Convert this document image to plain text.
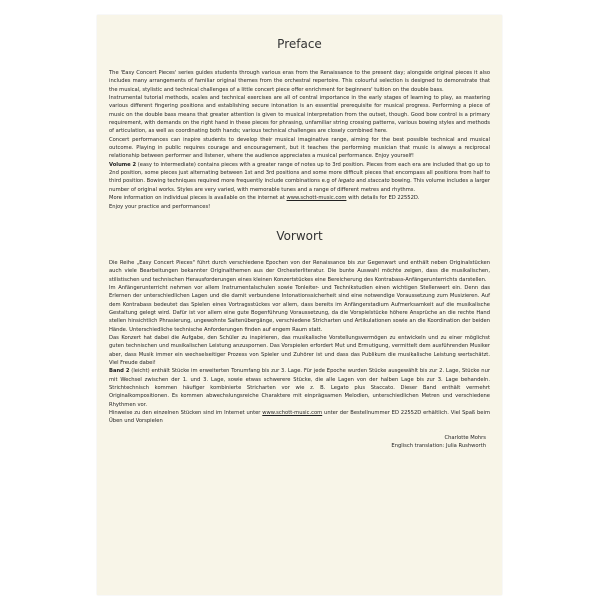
Preface

The 'Easy Concert Pieces' series guides students through various eras from the Renaissance to the present day; alongside original pieces it also includes many arrangements of familiar original themes from the orchestral repertoire. This colourful selection is designed to demonstrate that the musical, stylistic and technical challenges of a little concert piece offer enrichment for beginners' tuition on the double bass.

Instrumental tutorial methods, scales and technical exercises are all of central importance in the early stages of learning to play, as mastering various different fingering positions and establishing secure intonation is an essential prerequisite for musical progress. Performing a piece of music on the double bass means that greater attention is given to musical interpretation from the outset, though. Good bow control is a primary requirement, with demands on the right hand in these pieces for phrasing, unfamiliar string crossing patterns, various bowing styles and methods of articulation, as well as coordinating both hands; various technical challenges are closely combined here.

Concert performances can inspire students to develop their musical imaginative range, aiming for the best possible technical and musical outcome. Playing in public requires courage and encouragement, but it teaches the performing musician that music is always a reciprocal relationship between performer and listener, where the audience appreciates a musical performance. Enjoy yourself!

Volume 2 (easy to intermediate) contains pieces with a greater range of notes up to 3rd position. Pieces from each era are included that go up to 2nd position, some pieces just alternating between 1st and 3rd positions and some more difficult pieces that encompass all positions from half to third position. Bowing techniques required more frequently include combinations e.g of legato and staccato bowing. This volume includes a larger number of original works. Styles are very varied, with memorable tunes and a range of different metres and rhythms.

More information on individual pieces is available on the internet at www.schott-music.com with details for ED 22552D.

Enjoy your practice and performances!

Vorwort

Die Reihe „Easy Concert Pieces" führt durch verschiedene Epochen von der Renaissance bis zur Gegenwart und enthält neben Originalstücken auch viele Bearbeitungen bekannter Originalthemen aus der Orchesterliteratur. Die bunte Auswahl möchte zeigen, dass die musikalischen, stilistischen und technischen Herausforderungen eines kleinen Konzertstückes eine Bereicherung des Kontrabass-Anfängerunterrichts darstellen.

Im Anfängerunterricht nehmen vor allem Instrumentalschulen sowie Tonleiter- und Technikstudien einen wichtigen Stellenwert ein. Denn das Erlernen der unterschiedlichen Lagen und die damit verbundene Intonationssicherheit sind eine notwendige Voraussetzung zum Musizieren. Auf dem Kontrabass bedeutet das Spielen eines Vortragsstückes vor allem, dass bereits im Anfängerstadium Aufmerksamkeit auf die musikalische Gestaltung gelegt wird. Dafür ist vor allem eine gute Bogenführung Voraussetzung, da die Vorspielstücke höhere Ansprüche an die rechte Hand stellen hinsichtlich Phrasierung, ungewohnte Saitenübergänge, verschiedene Stricharten und Artikulationen sowie an die Koordination der beiden Hände. Unterschiedliche technische Anforderungen finden auf engem Raum statt.

Das Konzert hat dabei die Aufgabe, den Schüler zu inspirieren, das musikalische Vorstellungsvermögen zu entwickeln und zu einer möglichst guten technischen und musikalischen Leistung anzuspornen. Das Vorspielen erfordert Mut und Ermutigung, vermittelt dem ausführenden Musiker aber, dass Musik immer ein wechselseitiger Prozess von Spieler und Zuhörer ist und dass das Publikum die musikalische Leistung wertschätzt. Viel Freude dabei!

Band 2 (leicht) enthält Stücke im erweiterten Tonumfang bis zur 3. Lage. Für jede Epoche wurden Stücke ausgewählt bis zur 2. Lage, Stücke nur mit Wechsel zwischen der 1. und 3. Lage, sowie etwas schwerere Stücke, die alle Lagen von der halben Lage bis zur 3. Lage behandeln. Strichtechnisch kommen häufiger kombinierte Stricharten vor wie z. B. Legato plus Staccato. Dieser Band enthält vermehrt Originalkompositionen. Es kommen abwechslungsreiche Charaktere mit einprägsamen Melodien, unterschiedlichen Metren und verschiedene Rhythmen vor.

Hinweise zu den einzelnen Stücken sind im Internet unter www.schott-music.com unter der Bestellnummer ED 22552D erhältlich. Viel Spaß beim Üben und Vorspielen

Charlotte Mohrs
Englisch translation: Julia Rushworth
